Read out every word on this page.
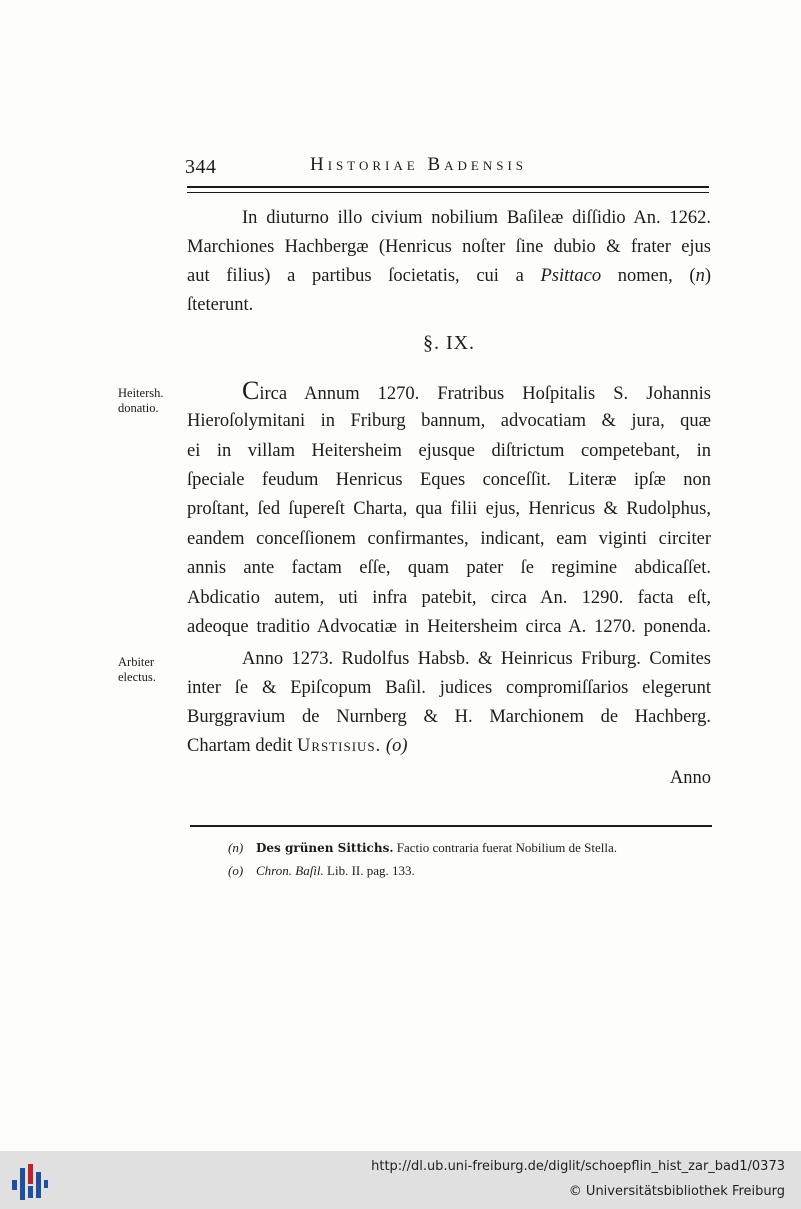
344	Historiae Badensis
In diuturno illo civium nobilium Baſileæ diſſidio An. 1262.
Marchiones Hachbergæ (Henricus noſter ſine dubio & frater ejus
aut filius) a partibus ſocietatis, cui a Psittaco nomen, (n)
ſteterunt.
§. IX.
Heitersh.
donatio.
Arbiter
electus.
Circa Annum 1270. Fratribus Hoſpitalis S. Johannis
Hieroſolymitani in Friburg bannum, advocatiam & jura, quæ
ei in villam Heitersheim ejusque diſtrictum competebant, in
ſpeciale feudum Henricus Eques conceſſit. Literæ ipſæ non
proſtant, ſed ſupereſt Charta, qua filii ejus, Henricus & Rudolphus,
eandem conceſſionem confirmantes, indicant, eam viginti circiter
annis ante factam eſſe, quam pater ſe regimine abdicaſſet.
Abdicatio autem, uti infra patebit, circa An. 1290. facta eſt,
adeoque traditio Advocatiæ in Heitersheim circa A. 1270. ponenda.
Anno 1273. Rudolfus Habsb. & Heinricus Friburg. Comites
inter ſe & Epiſcopum Baſil. judices compromiſſarios elegerunt
Burggravium de Nurnberg & H. Marchionem de Hachberg.
Chartam dedit Urstisius. (o)
Anno
(n) Des grünen Sittichs. Factio contraria fuerat Nobilium de Stella.
(o) Chron. Baſil. Lib. II. pag. 133.
http://dl.ub.uni-freiburg.de/diglit/schoepflin_hist_zar_bad1/0373
© Universitätsbibliothek Freiburg
